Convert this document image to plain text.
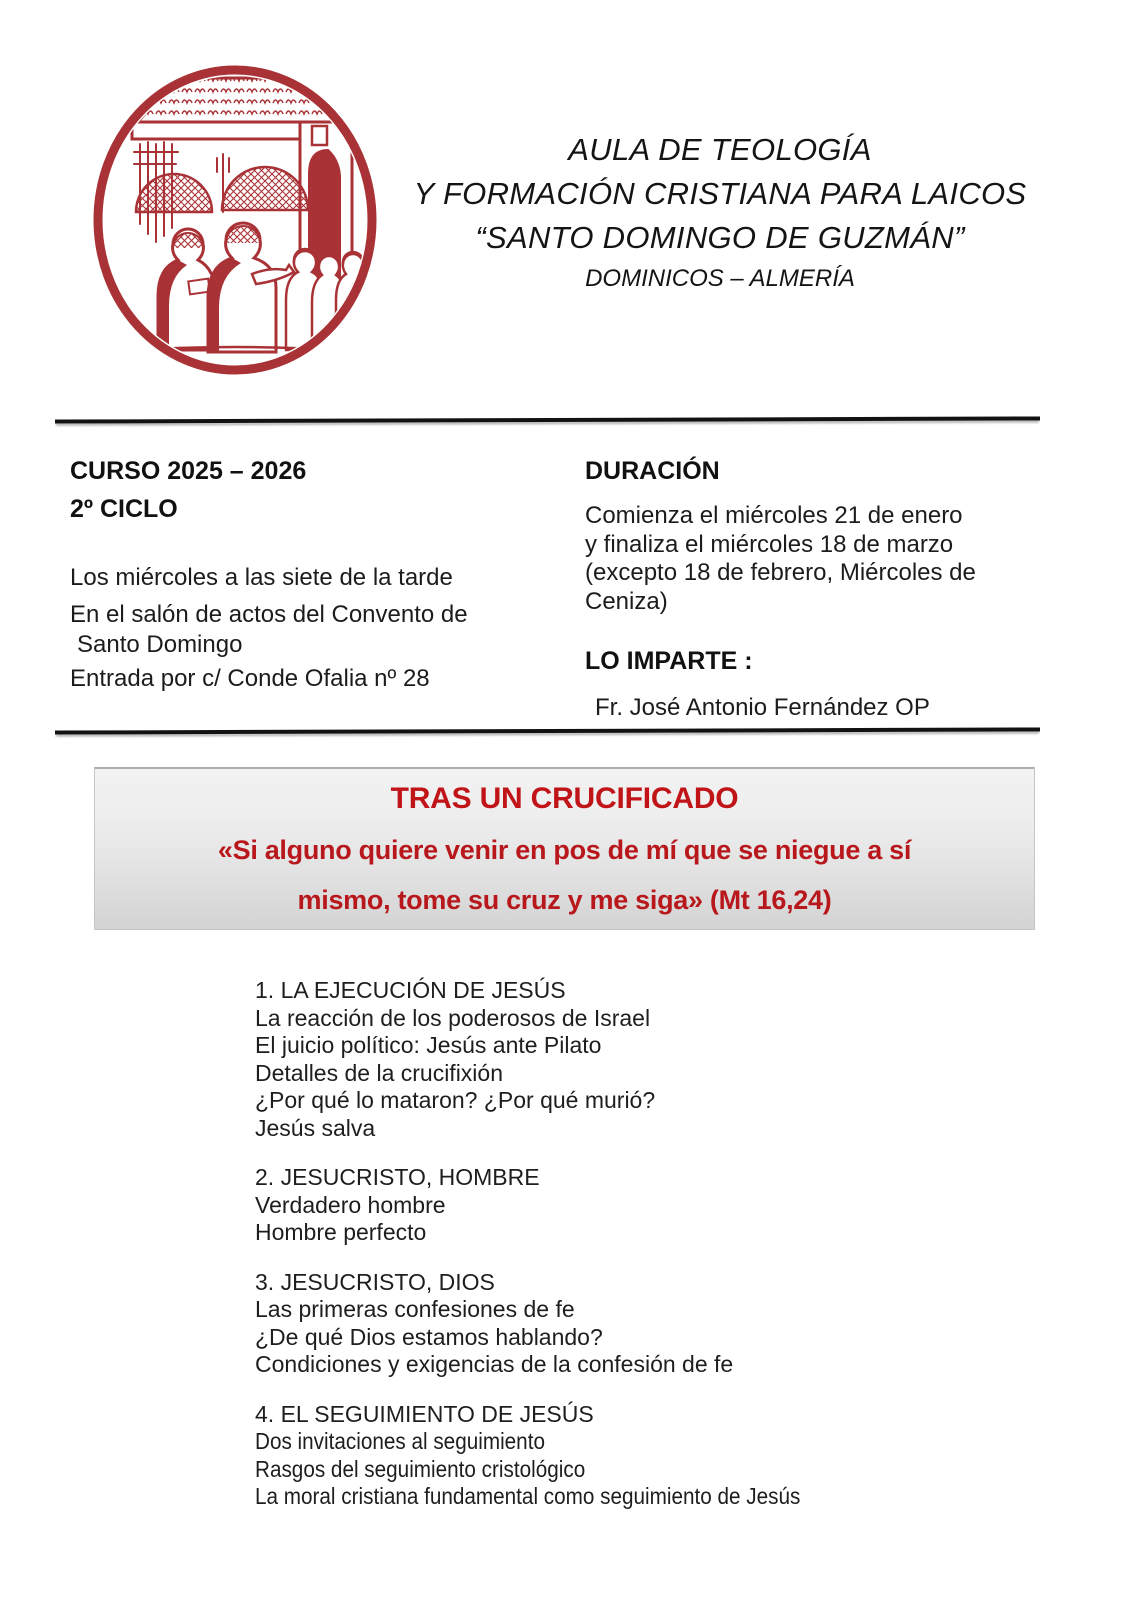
AULA DE TEOLOGÍA
Y FORMACIÓN CRISTIANA PARA LAICOS
“SANTO DOMINGO DE GUZMÁN”
DOMINICOS – ALMERÍA
CURSO 2025 – 2026
2º CICLO
Los miércoles a las siete de la tarde
En el salón de actos del Convento de
Santo Domingo
Entrada por c/ Conde Ofalia nº 28
DURACIÓN
Comienza el miércoles 21 de enero
y finaliza el miércoles 18 de marzo
(excepto 18 de febrero, Miércoles de
Ceniza)
LO IMPARTE :
Fr. José Antonio Fernández OP
TRAS UN CRUCIFICADO
«Si alguno quiere venir en pos de mí que se niegue a sí
mismo, tome su cruz y me siga» (Mt 16,24)
1. LA EJECUCIÓN DE JESÚS
La reacción de los poderosos de Israel
El juicio político: Jesús ante Pilato
Detalles de la crucifixión
¿Por qué lo mataron? ¿Por qué murió?
Jesús salva
2. JESUCRISTO, HOMBRE
Verdadero hombre
Hombre perfecto
3. JESUCRISTO, DIOS
Las primeras confesiones de fe
¿De qué Dios estamos hablando?
Condiciones y exigencias de la confesión de fe
4. EL SEGUIMIENTO DE JESÚS
Dos invitaciones al seguimiento
Rasgos del seguimiento cristológico
La moral cristiana fundamental como seguimiento de Jesús
